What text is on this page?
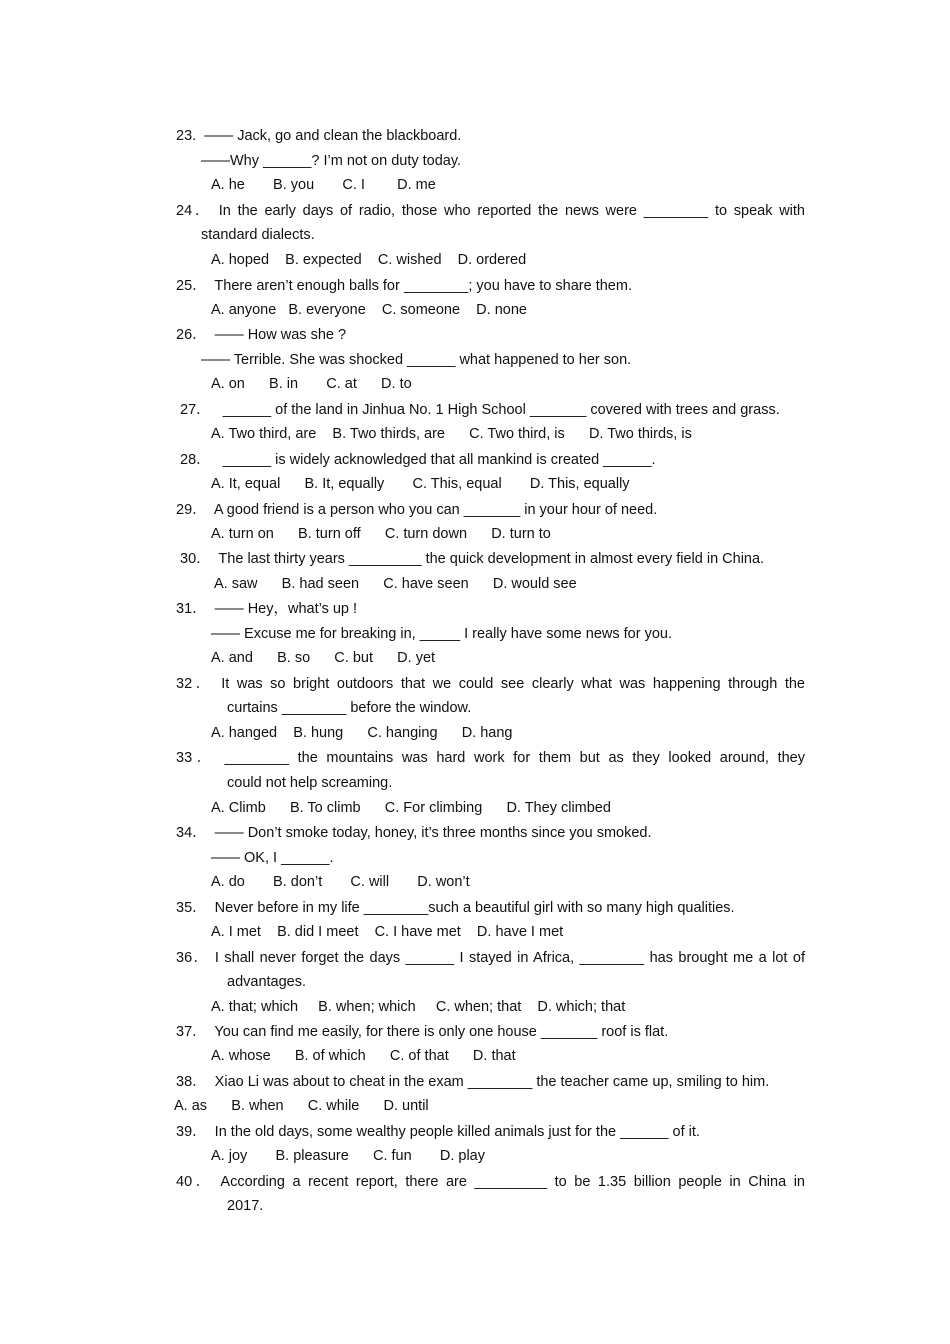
23.  —— Jack, go and clean the blackboard.
——Why ______? I’m not on duty today.
A. he       B. you       C. I        D. me
24． In the early days of radio, those who reported the news were ________ to speak with
standard dialects.
A. hoped    B. expected    C. wished    D. ordered
25．  There aren’t enough balls for ________; you have to share them.
A. anyone   B. everyone    C. someone    D. none
26．  —— How was she ?
—— Terrible. She was shocked ______ what happened to her son.
A. on      B. in       C. at      D. to
27．   ______ of the land in Jinhua No. 1 High School _______ covered with trees and grass.
A. Two third, are    B. Two thirds, are      C. Two third, is      D. Two thirds, is
28．   ______ is widely acknowledged that all mankind is created ______.
A. It, equal      B. It, equally       C. This, equal       D. This, equally
29．  A good friend is a person who you can _______ in your hour of need.
A. turn on      B. turn off      C. turn down      D. turn to
30．  The last thirty years _________ the quick development in almost every field in China.
A. saw      B. had seen      C. have seen      D. would see
31．  —— Hey，what’s up !
—— Excuse me for breaking in, _____ I really have some news for you.
A. and      B. so      C. but      D. yet
32． It was so bright outdoors that we could see clearly what was happening through the
curtains ________ before the window.
A. hanged    B. hung      C. hanging      D. hang
33． ________ the mountains was hard work for them but as they looked around, they
could not help screaming.
A. Climb      B. To climb      C. For climbing      D. They climbed
34．  —— Don’t smoke today, honey, it’s three months since you smoked.
—— OK, I ______.
A. do       B. don’t       C. will       D. won’t
35．  Never before in my life ________such a beautiful girl with so many high qualities.
A. I met    B. did I meet    C. I have met    D. have I met
36． I shall never forget the days ______ I stayed in Africa, ________ has brought me a lot of
advantages.
A. that; which     B. when; which     C. when; that    D. which; that
37．  You can find me easily, for there is only one house _______ roof is flat.
A. whose      B. of which      C. of that      D. that
38．  Xiao Li was about to cheat in the exam ________ the teacher came up, smiling to him.
A. as      B. when      C. while      D. until
39．  In the old days, some wealthy people killed animals just for the ______ of it.
A. joy       B. pleasure      C. fun       D. play
40． According a recent report, there are _________ to be 1.35 billion people in China in
2017.
